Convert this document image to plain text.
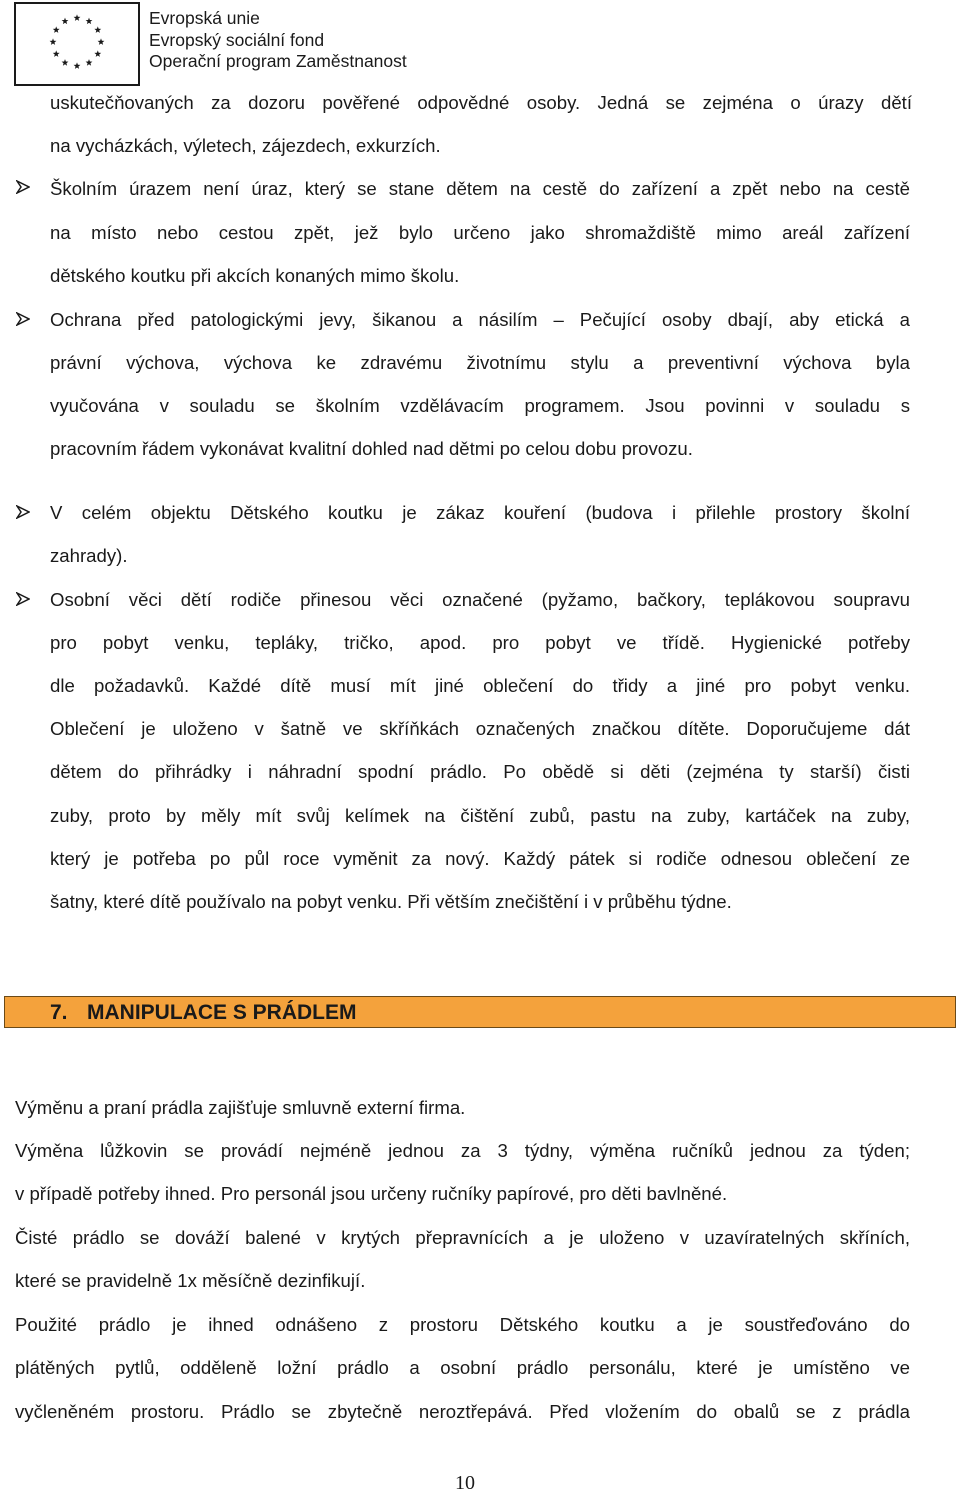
Evropská unie
Evropský sociální fond
Operační program Zaměstnanost
uskutečňovaných za dozoru pověřené odpovědné osoby. Jedná se zejména o úrazy dětí
na vycházkách, výletech, zájezdech, exkurzích.
Školním úrazem není úraz, který se stane dětem na cestě do zařízení a zpět nebo na cestě
na místo nebo cestou zpět, jež bylo určeno jako shromaždiště mimo areál zařízení
dětského koutku při akcích konaných mimo školu.
Ochrana před patologickými jevy, šikanou a násilím – Pečující osoby dbají, aby etická a
právní výchova, výchova ke zdravému životnímu stylu a preventivní výchova byla
vyučována v souladu se školním vzdělávacím programem. Jsou povinni v souladu s
pracovním řádem vykonávat kvalitní dohled nad dětmi po celou dobu provozu.
V celém objektu Dětského koutku je zákaz kouření (budova i přilehle prostory školní
zahrady).
Osobní věci dětí rodiče přinesou věci označené (pyžamo, bačkory, teplákovou soupravu
pro pobyt venku, tepláky, tričko, apod. pro pobyt ve třídě. Hygienické potřeby
dle požadavků. Každé dítě musí mít jiné oblečení do třidy a jiné pro pobyt venku.
Oblečení je uloženo v šatně ve skříňkách označených značkou dítěte. Doporučujeme dát
dětem do přihrádky i náhradní spodní prádlo. Po obědě si děti (zejména ty starší) čisti
zuby, proto by měly mít svůj kelímek na čištění zubů, pastu na zuby, kartáček na zuby,
který je potřeba po půl roce vyměnit za nový. Každý pátek si rodiče odnesou oblečení ze
šatny, které dítě používalo na pobyt venku. Při větším znečištění i v průběhu týdne.
7. MANIPULACE S PRÁDLEM
Výměnu a praní prádla zajišťuje smluvně externí firma.
Výměna lůžkovin se provádí nejméně jednou za 3 týdny, výměna ručníků jednou za týden;
v případě potřeby ihned. Pro personál jsou určeny ručníky papírové, pro děti bavlněné.
Čisté prádlo se dováží balené v krytých přepravnících a je uloženo v uzavíratelných skříních,
které se pravidelně 1x měsíčně dezinfikují.
Použité prádlo je ihned odnášeno z prostoru Dětského koutku a je soustřeďováno do
plátěných pytlů, odděleně ložní prádlo a osobní prádlo personálu, které je umístěno ve
vyčleněném prostoru. Prádlo se zbytečně neroztřepává. Před vložením do obalů se z prádla
10
